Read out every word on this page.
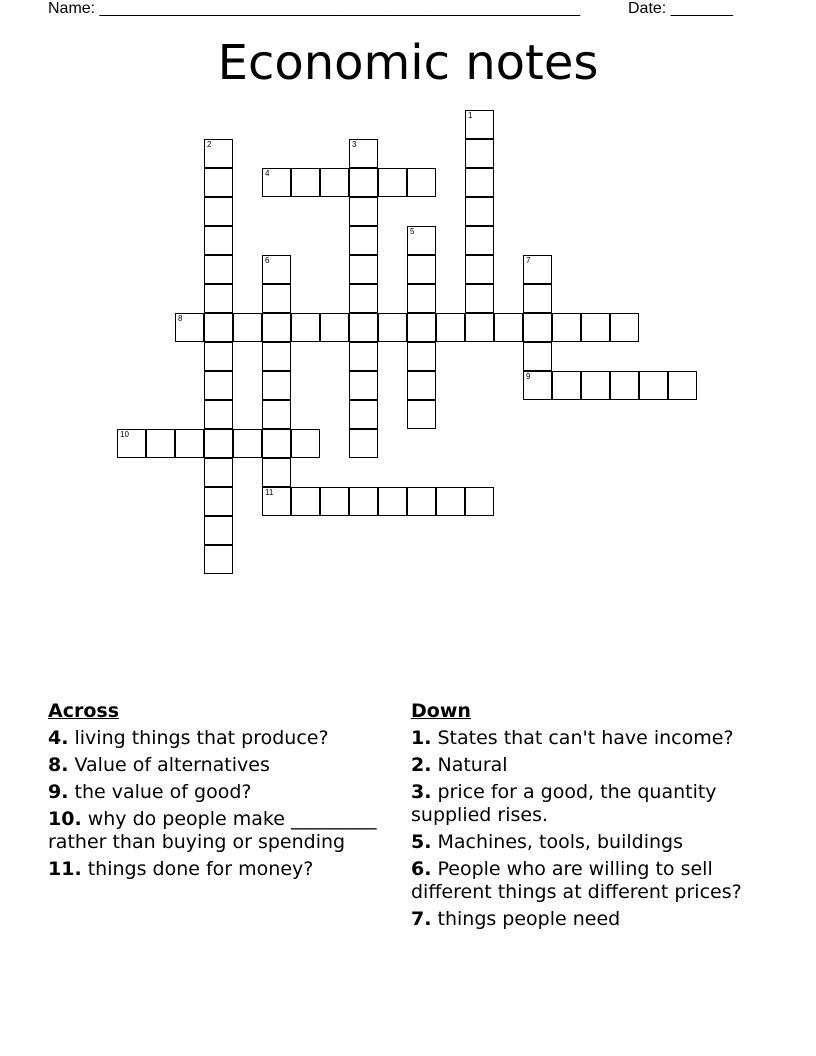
Name: ______________________________________________________	Date: _______
Economic notes
1
2	3
4
5
6
11
7
9
8
10
Across
4. living things that produce?
8. Value of alternatives
9. the value of good?
10. why do people make _________ rather than buying or spending
11. things done for money?
Down
1. States that can't have income?
2. Natural
3. price for a good, the quantity supplied rises.
5. Machines, tools, buildings
6. People who are willing to sell different things at different prices?
7. things people need
